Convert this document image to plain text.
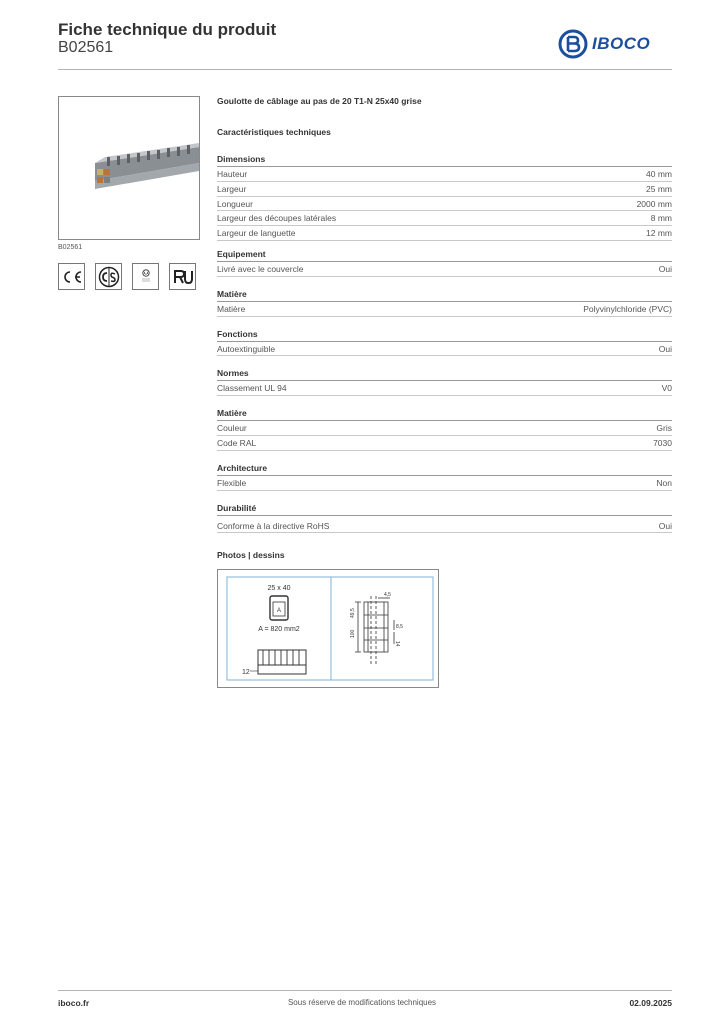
Fiche technique du produit
B02561	IBOCO
B02561
Goulotte de câblage au pas de 20 T1-N 25x40 grise
Caractéristiques techniques
Dimensions
Hauteur	40 mm
Largeur	25 mm
Longueur	2000 mm
Largeur des découpes latérales	8 mm
Largeur de languette	12 mm
Equipement
Livré avec le couvercle	Oui
Matière
Matière	Polyvinylchloride (PVC)
Fonctions
Autoextinguible	Oui
Normes
Classement UL 94	V0
Matière
Couleur	Gris
Code RAL	7030
Architecture
Flexible	Non
Durabilité
Conforme à la directive RoHS	Oui
Photos | dessins
25 x 40
A
A = 820 mm2
12
4,5
49,5
100
8,5
14
iboco.fr	Sous réserve de modifications techniques	02.09.2025
